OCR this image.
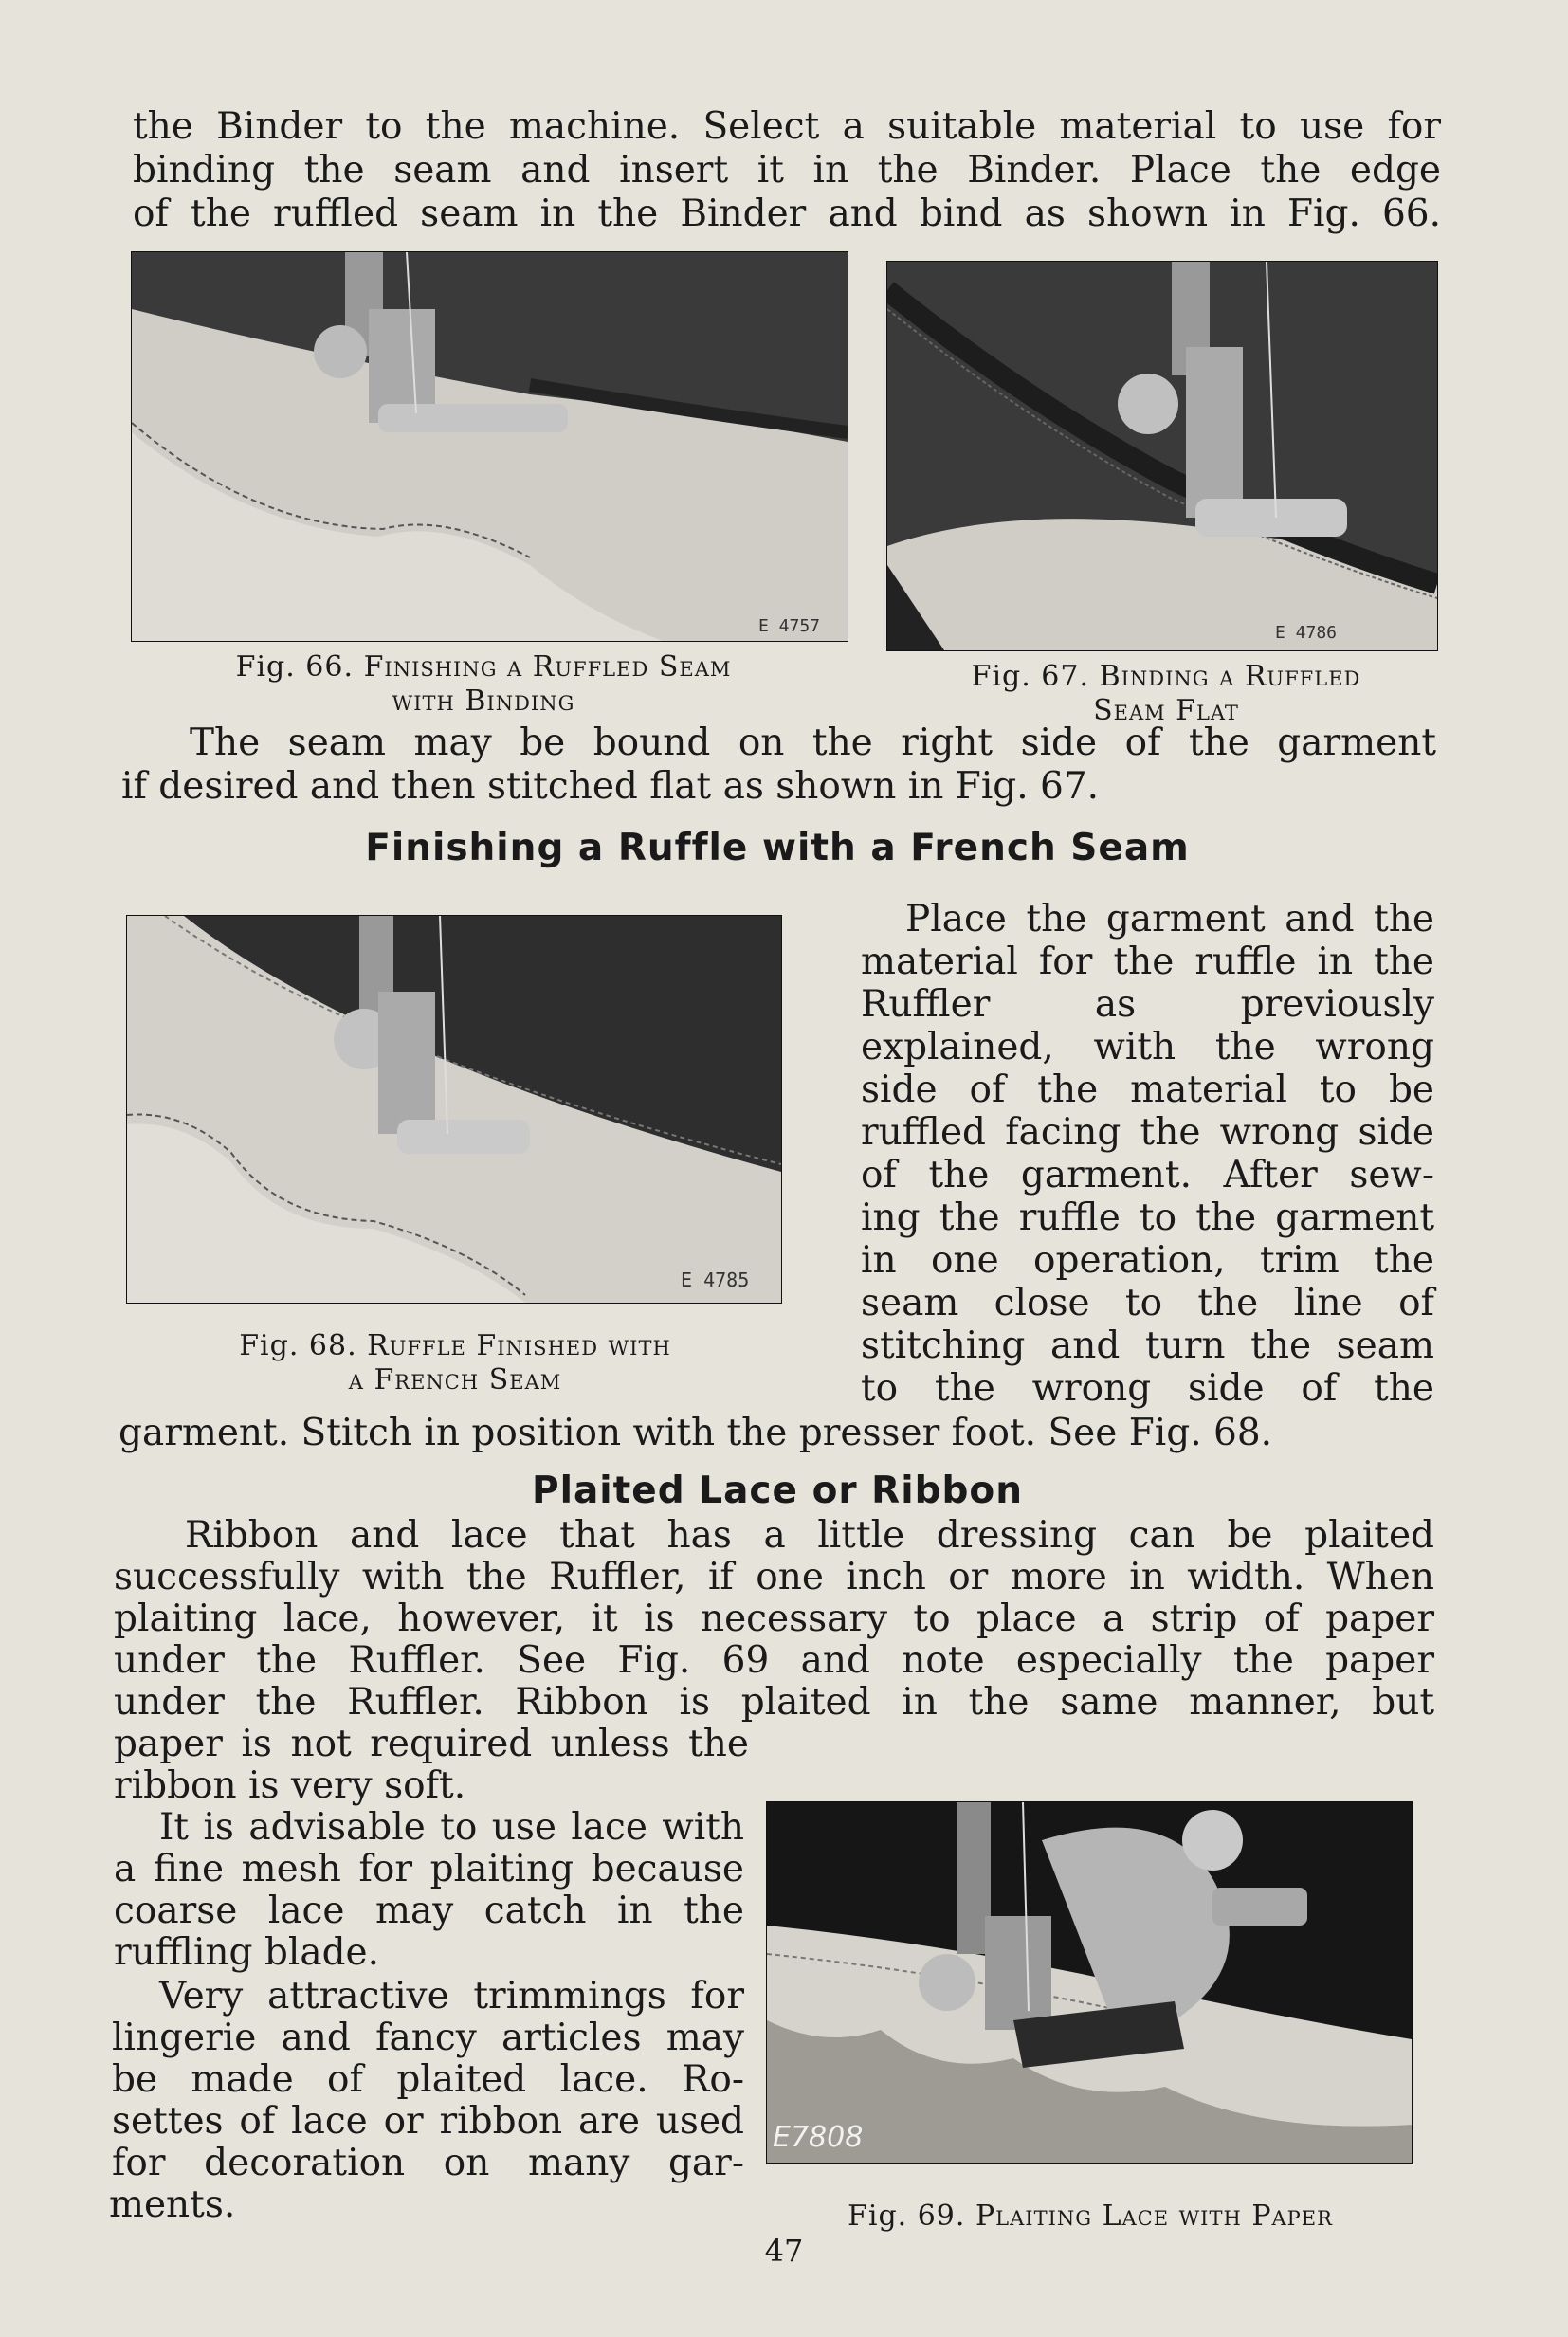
the Binder to the machine. Select a suitable material to use for

binding the seam and insert it in the Binder. Place the edge

of the ruffled seam in the Binder and bind as shown in Fig. 66.

E 4757	E 4786
Fig. 66. Finishing a Ruffled Seam
with Binding
Fig. 67. Binding a Ruffled
Seam Flat

The seam may be bound on the right side of the garment

if desired and then stitched flat as shown in Fig. 67.

Finishing a Ruffle with a French Seam
E 4785
Fig. 68. Ruffle Finished with
a French Seam

Place the garment and the

material for the ruffle in the

Ruffler as previously

explained, with the wrong

side of the material to be

ruffled facing the wrong side

of the garment. After sew-

ing the ruffle to the garment

in one operation, trim the

seam close to the line of

stitching and turn the seam

to the wrong side of the

garment. Stitch in position with the presser foot. See Fig. 68.

Plaited Lace or Ribbon

Ribbon and lace that has a little dressing can be plaited

successfully with the Ruffler, if one inch or more in width. When

plaiting lace, however, it is necessary to place a strip of paper

under the Ruffler. See Fig. 69 and note especially the paper

under the Ruffler. Ribbon is plaited in the same manner, but

paper is not required unless the

ribbon is very soft.

It is advisable to use lace with

a fine mesh for plaiting because

coarse lace may catch in the

ruffling blade.

Very attractive trimmings for

lingerie and fancy articles may

be made of plaited lace. Ro-

settes of lace or ribbon are used

for decoration on many gar-

ments.

E7808
Fig. 69. Plaiting Lace with Paper
47
